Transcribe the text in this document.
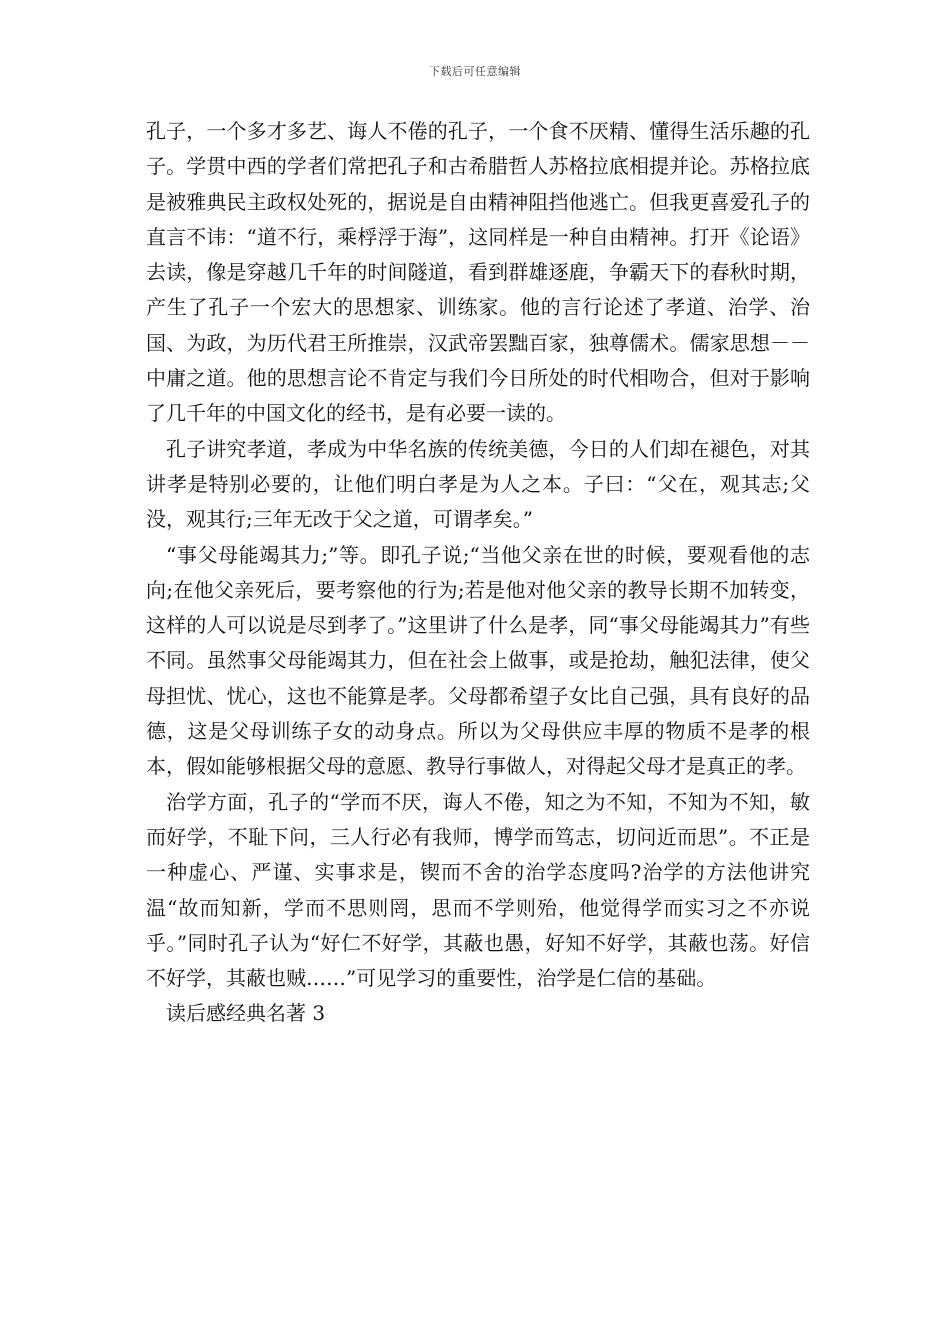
下载后可任意编辑

孔子，一个多才多艺、诲人不倦的孔子，一个食不厌精、懂得生活乐趣的孔子。学贯中西的学者们常把孔子和古希腊哲人苏格拉底相提并论。苏格拉底是被雅典民主政权处死的，据说是自由精神阻挡他逃亡。但我更喜爱孔子的直言不讳：“道不行，乘桴浮于海”，这同样是一种自由精神。打开《论语》去读，像是穿越几千年的时间隧道，看到群雄逐鹿，争霸天下的春秋时期，产生了孔子一个宏大的思想家、训练家。他的言行论述了孝道、治学、治国、为政，为历代君王所推崇，汉武帝罢黜百家，独尊儒术。儒家思想－－中庸之道。他的思想言论不肯定与我们今日所处的时代相吻合，但对于影响了几千年的中国文化的经书，是有必要一读的。

孔子讲究孝道，孝成为中华名族的传统美德，今日的人们却在褪色，对其讲孝是特别必要的，让他们明白孝是为人之本。子曰：“父在，观其志;父没，观其行;三年无改于父之道，可谓孝矣。”

“事父母能竭其力;”等。即孔子说;“当他父亲在世的时候，要观看他的志向;在他父亲死后，要考察他的行为;若是他对他父亲的教导长期不加转变，这样的人可以说是尽到孝了。”这里讲了什么是孝，同“事父母能竭其力”有些不同。虽然事父母能竭其力，但在社会上做事，或是抢劫，触犯法律，使父母担忧、忧心，这也不能算是孝。父母都希望子女比自己强，具有良好的品德，这是父母训练子女的动身点。所以为父母供应丰厚的物质不是孝的根本，假如能够根据父母的意愿、教导行事做人，对得起父母才是真正的孝。

治学方面，孔子的“学而不厌，诲人不倦，知之为不知，不知为不知，敏而好学，不耻下问，三人行必有我师，博学而笃志，切问近而思”。不正是一种虚心、严谨、实事求是，锲而不舍的治学态度吗?治学的方法他讲究温“故而知新，学而不思则罔，思而不学则殆，他觉得学而实习之不亦说乎。”同时孔子认为“好仁不好学，其蔽也愚，好知不好学，其蔽也荡。好信不好学，其蔽也贼……”可见学习的重要性，治学是仁信的基础。

读后感经典名著 3
